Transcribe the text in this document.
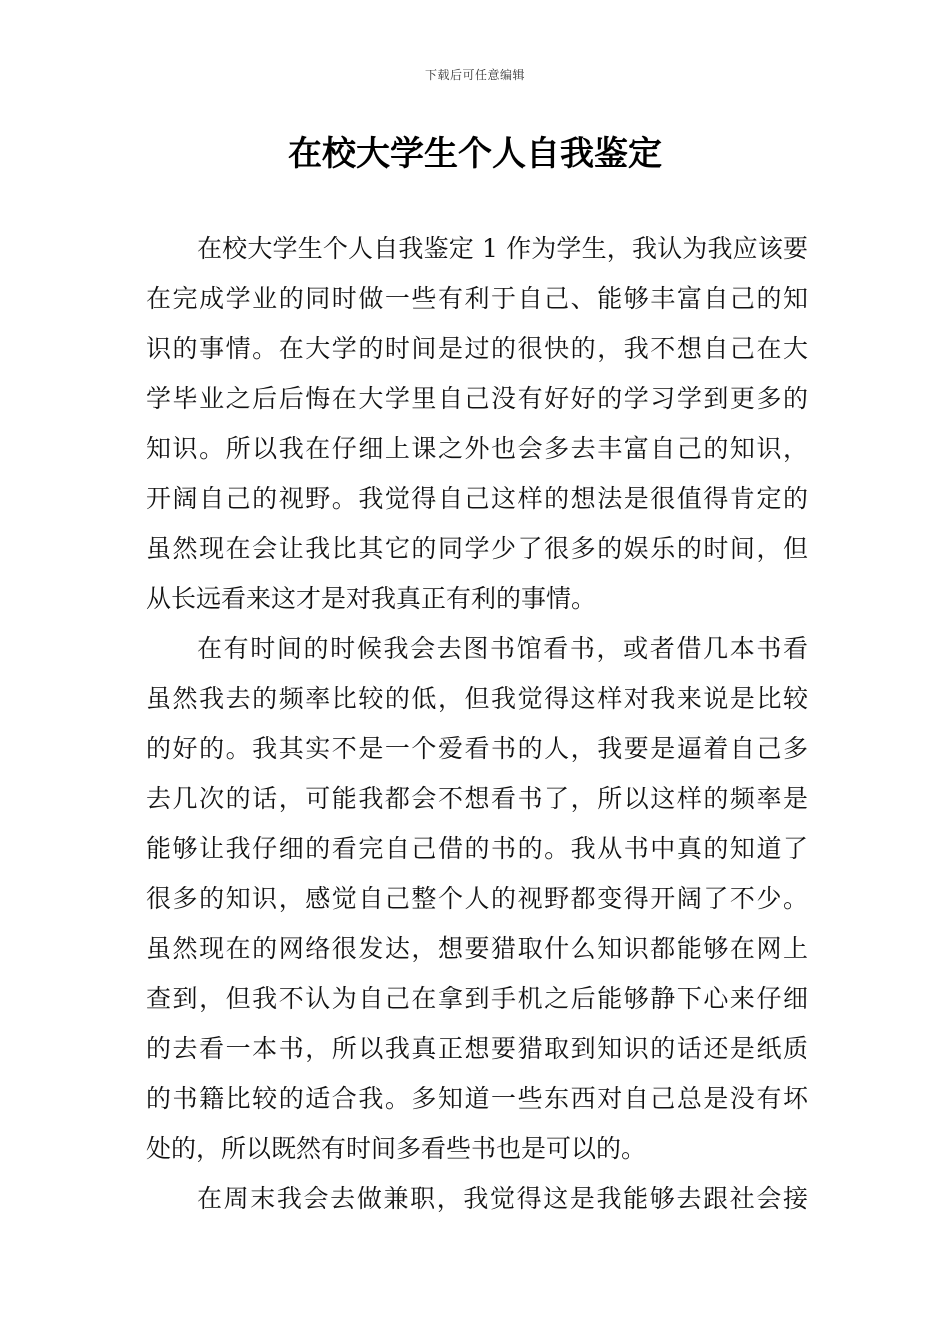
下载后可任意编辑
在校大学生个人自我鉴定
在校大学生个人自我鉴定 1 作为学生，我认为我应该要
在完成学业的同时做一些有利于自己、能够丰富自己的知
识的事情。在大学的时间是过的很快的，我不想自己在大
学毕业之后后悔在大学里自己没有好好的学习学到更多的
知识。所以我在仔细上课之外也会多去丰富自己的知识，
开阔自己的视野。我觉得自己这样的想法是很值得肯定的
虽然现在会让我比其它的同学少了很多的娱乐的时间，但
从长远看来这才是对我真正有利的事情。
在有时间的时候我会去图书馆看书，或者借几本书看
虽然我去的频率比较的低，但我觉得这样对我来说是比较
的好的。我其实不是一个爱看书的人，我要是逼着自己多
去几次的话，可能我都会不想看书了，所以这样的频率是
能够让我仔细的看完自己借的书的。我从书中真的知道了
很多的知识，感觉自己整个人的视野都变得开阔了不少。
虽然现在的网络很发达，想要猎取什么知识都能够在网上
查到，但我不认为自己在拿到手机之后能够静下心来仔细
的去看一本书，所以我真正想要猎取到知识的话还是纸质
的书籍比较的适合我。多知道一些东西对自己总是没有坏
处的，所以既然有时间多看些书也是可以的。
在周末我会去做兼职，我觉得这是我能够去跟社会接
